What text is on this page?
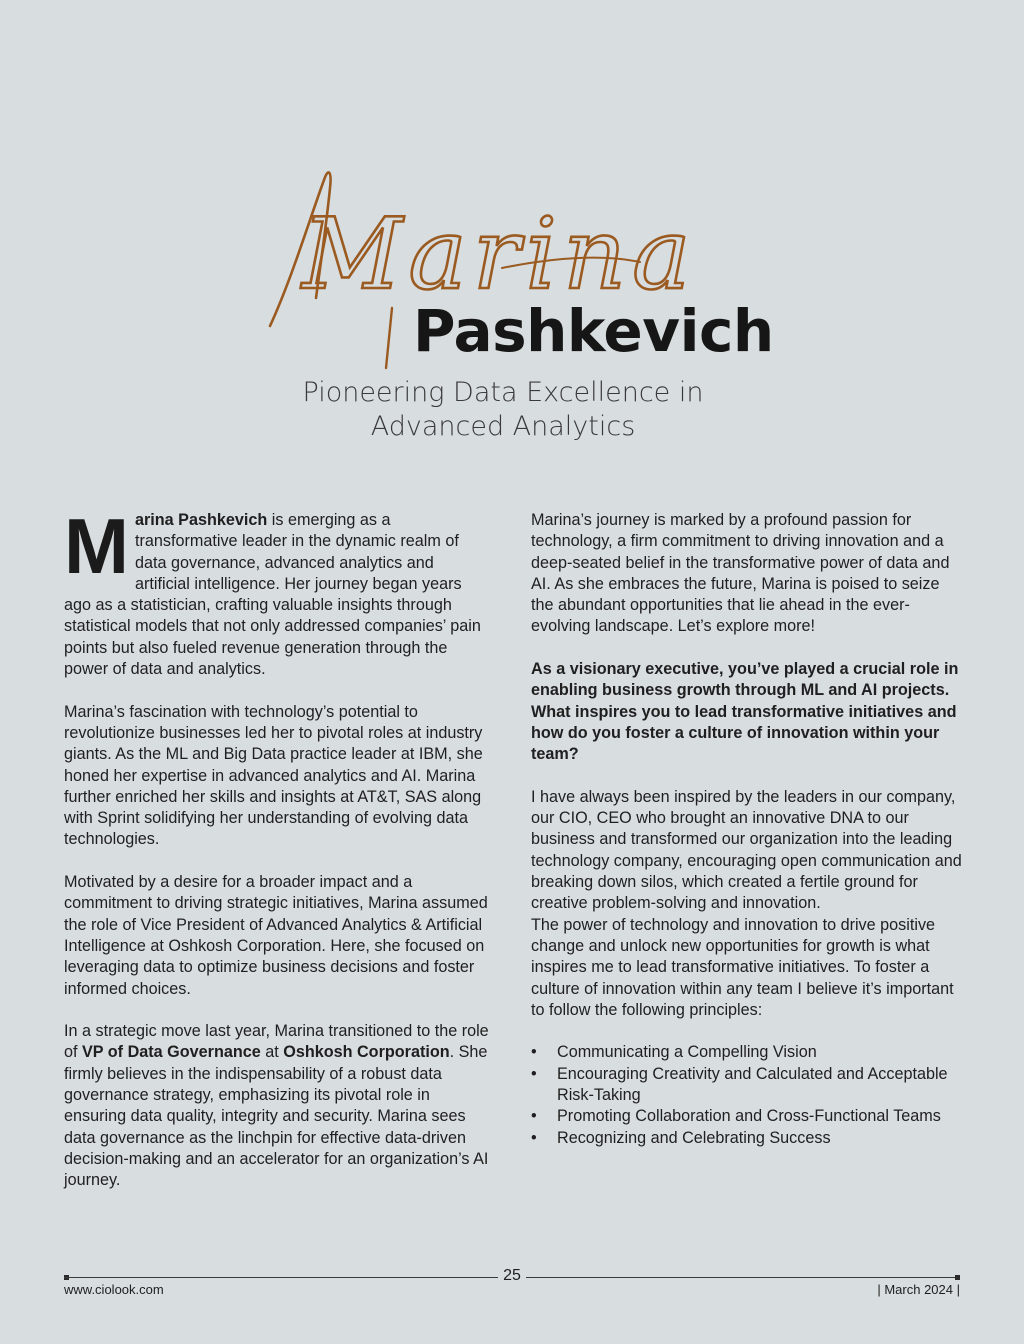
Marina
Pashkevich
Pioneering Data Excellence in
Advanced Analytics

Marina Pashkevich is emerging as a transformative leader in the dynamic realm of data governance, advanced analytics and artificial intelligence. Her journey began years ago as a statistician, crafting valuable insights through statistical models that not only addressed companies’ pain points but also fueled revenue generation through the power of data and analytics.

Marina’s fascination with technology’s potential to revolutionize businesses led her to pivotal roles at industry giants. As the ML and Big Data practice leader at IBM, she honed her expertise in advanced analytics and AI. Marina further enriched her skills and insights at AT&T, SAS along with Sprint solidifying her understanding of evolving data technologies.

Motivated by a desire for a broader impact and a commitment to driving strategic initiatives, Marina assumed the role of Vice President of Advanced Analytics & Artificial Intelligence at Oshkosh Corporation. Here, she focused on leveraging data to optimize business decisions and foster informed choices.

In a strategic move last year, Marina transitioned to the role of VP of Data Governance at Oshkosh Corporation. She firmly believes in the indispensability of a robust data governance strategy, emphasizing its pivotal role in ensuring data quality, integrity and security. Marina sees data governance as the linchpin for effective data-driven decision-making and an accelerator for an organization’s AI journey.

Marina’s journey is marked by a profound passion for technology, a firm commitment to driving innovation and a deep-seated belief in the transformative power of data and AI. As she embraces the future, Marina is poised to seize the abundant opportunities that lie ahead in the ever-evolving landscape. Let’s explore more!

As a visionary executive, you’ve played a crucial role in enabling business growth through ML and AI projects. What inspires you to lead transformative initiatives and how do you foster a culture of innovation within your team?

I have always been inspired by the leaders in our company, our CIO, CEO who brought an innovative DNA to our business and transformed our organization into the leading technology company, encouraging open communication and breaking down silos, which created a fertile ground for creative problem-solving and innovation.

The power of technology and innovation to drive positive change and unlock new opportunities for growth is what inspires me to lead transformative initiatives. To foster a culture of innovation within any team I believe it’s important to follow the following principles:

• Communicating a Compelling Vision
• Encouraging Creativity and Calculated and Acceptable Risk-Taking
• Promoting Collaboration and Cross-Functional Teams
• Recognizing and Celebrating Success
25
www.ciolook.com	| March 2024 |
